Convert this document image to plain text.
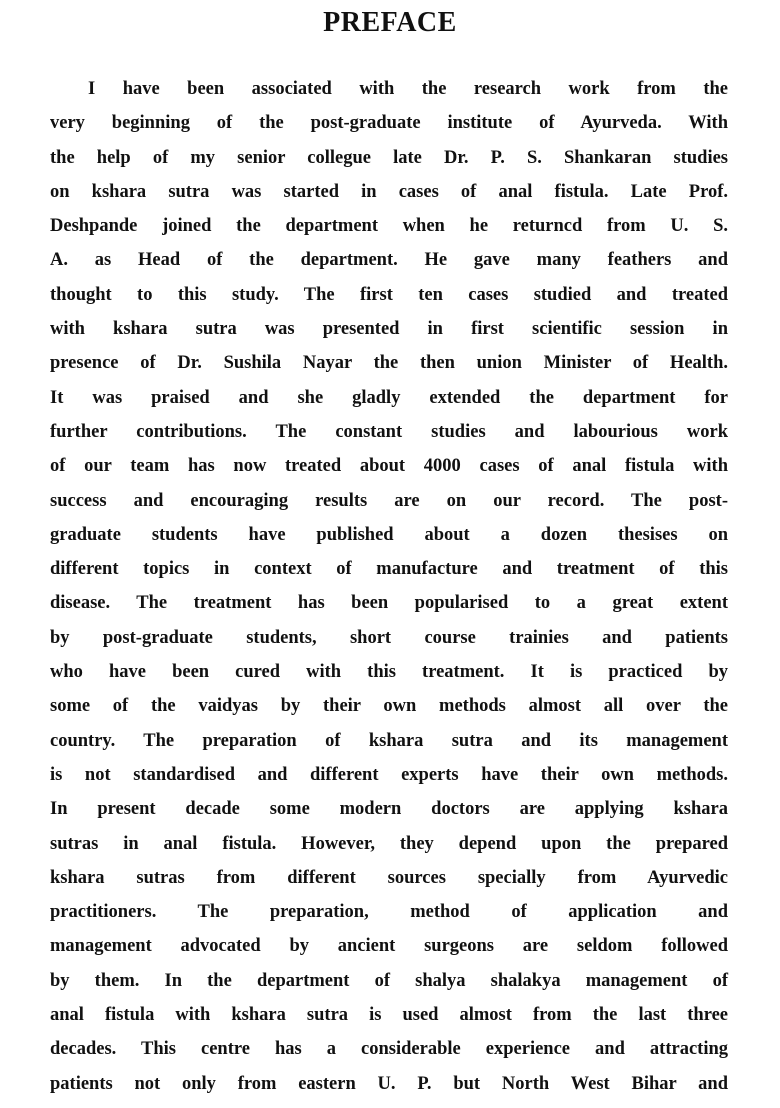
PREFACE
I have been associated with the research work from the
very beginning of the post-graduate institute of Ayurveda. With
the help of my senior collegue late Dr. P. S. Shankaran studies
on kshara sutra was started in cases of anal fistula. Late Prof.
Deshpande joined the department when he returncd from U. S.
A. as Head of the department. He gave many feathers and
thought to this study. The first ten cases studied and treated
with kshara sutra was presented in first scientific session in
presence of Dr. Sushila Nayar the then union Minister of Health.
It was praised and she gladly extended the department for
further contributions. The constant studies and labourious work
of our team has now treated about 4000 cases of anal fistula with
success and encouraging results are on our record. The post-
graduate students have published about a dozen thesises on
different topics in context of manufacture and treatment of this
disease. The treatment has been popularised to a great extent
by post-graduate students, short course trainies and patients
who have been cured with this treatment. It is practiced by
some of the vaidyas by their own methods almost all over the
country. The preparation of kshara sutra and its management
is not standardised and different experts have their own methods.
In present decade some modern doctors are applying kshara
sutras in anal fistula. However, they depend upon the prepared
kshara sutras from different sources specially from Ayurvedic
practitioners. The preparation, method of application and
management advocated by ancient surgeons are seldom followed
by them. In the department of shalya shalakya management of
anal fistula with kshara sutra is used almost from the last three
decades. This centre has a considerable experience and attracting
patients not only from eastern U. P. but North West Bihar and
